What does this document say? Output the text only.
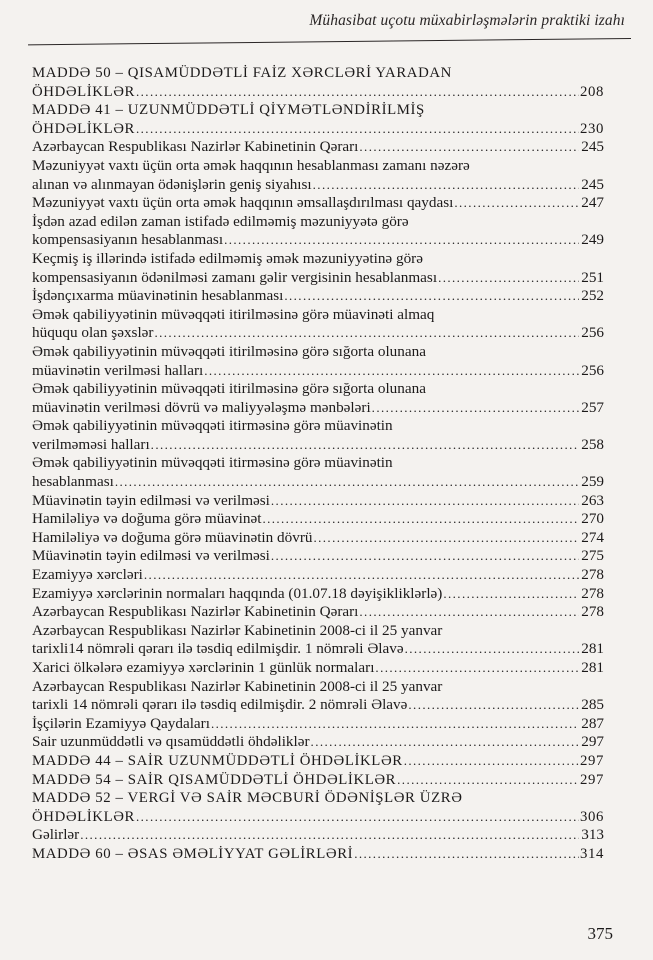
Mühasibat uçotu müxabirləşmələrin praktiki izahı
MADDƏ 50 – QISAMÜDDƏTLİ FAİZ XƏRCLƏRİ YARADAN
ÖHDƏLİKLƏR .....	208
MADDƏ 41 – UZUNMÜDDƏTLİ QİYMƏTLƏNDİRİLMİŞ
ÖHDƏLİKLƏR .....	230
Azərbaycan Respublikası Nazirlər Kabinetinin Qərarı .....	245
Məzuniyyət vaxtı üçün orta əmək haqqının hesablanması zamanı nəzərə
alınan və alınmayan ödənişlərin geniş siyahısı .....	245
Məzuniyyət vaxtı üçün orta əmək haqqının əmsallaşdırılması qaydası .....	247
İşdən azad edilən zaman istifadə edilməmiş məzuniyyətə görə
kompensasiyanın hesablanması .....	249
Keçmiş iş illərində istifadə edilməmiş əmək məzuniyyətinə görə
kompensasiyanın ödənilməsi zamanı gəlir vergisinin hesablanması .....	251
İşdənçıxarma müavinətinin hesablanması .....	252
Əmək qabiliyyətinin müvəqqəti itirilməsinə görə müavinəti almaq
hüququ olan şəxslər .....	256
Əmək qabiliyyətinin müvəqqəti itirilməsinə görə sığorta olunana
müavinətin verilməsi halları .....	256
Əmək qabiliyyətinin müvəqqəti itirilməsinə görə sığorta olunana
müavinətin verilməsi dövrü və maliyyələşmə mənbələri .....	257
Əmək qabiliyyətinin müvəqqəti itirməsinə görə müavinətin
verilməməsi halları .....	258
Əmək qabiliyyətinin müvəqqəti itirməsinə görə müavinətin
hesablanması .....	259
Müavinətin təyin edilməsi və verilməsi .....	263
Hamiləliyə və doğuma görə müavinət .....	270
Hamiləliyə və doğuma görə müavinətin dövrü .....	274
Müavinətin təyin edilməsi və verilməsi .....	275
Ezamiyyə xərcləri .....	278
Ezamiyyə xərclərinin normaları haqqında (01.07.18 dəyişikliklərlə) .....	278
Azərbaycan Respublikası Nazirlər Kabinetinin Qərarı .....	278
Azərbaycan Respublikası Nazirlər Kabinetinin 2008-ci il 25 yanvar
tarixli14 nömrəli qərarı ilə təsdiq edilmişdir. 1 nömrəli Əlavə .....	281
Xarici ölkələrə ezamiyyə xərclərinin 1 günlük normaları .....	281
Azərbaycan Respublikası Nazirlər Kabinetinin 2008-ci il 25 yanvar
tarixli 14 nömrəli qərarı ilə təsdiq edilmişdir. 2 nömrəli Əlavə .....	285
İşçilərin Ezamiyyə Qaydaları .....	287
Sair uzunmüddətli və qısamüddətli öhdəliklər .....	297
MADDƏ 44 – SAİR UZUNMÜDDƏTLİ ÖHDƏLİKLƏR .....	297
MADDƏ 54 – SAİR QISAMÜDDƏTLİ ÖHDƏLİKLƏR .....	297
MADDƏ 52 – VERGİ VƏ SAİR MƏCBURİ ÖDƏNİŞLƏR ÜZRƏ
ÖHDƏLİKLƏR .....	306
Gəlirlər .....	313
MADDƏ 60 – ƏSAS ƏMƏLİYYAT GƏLİRLƏRİ .....	314
375
